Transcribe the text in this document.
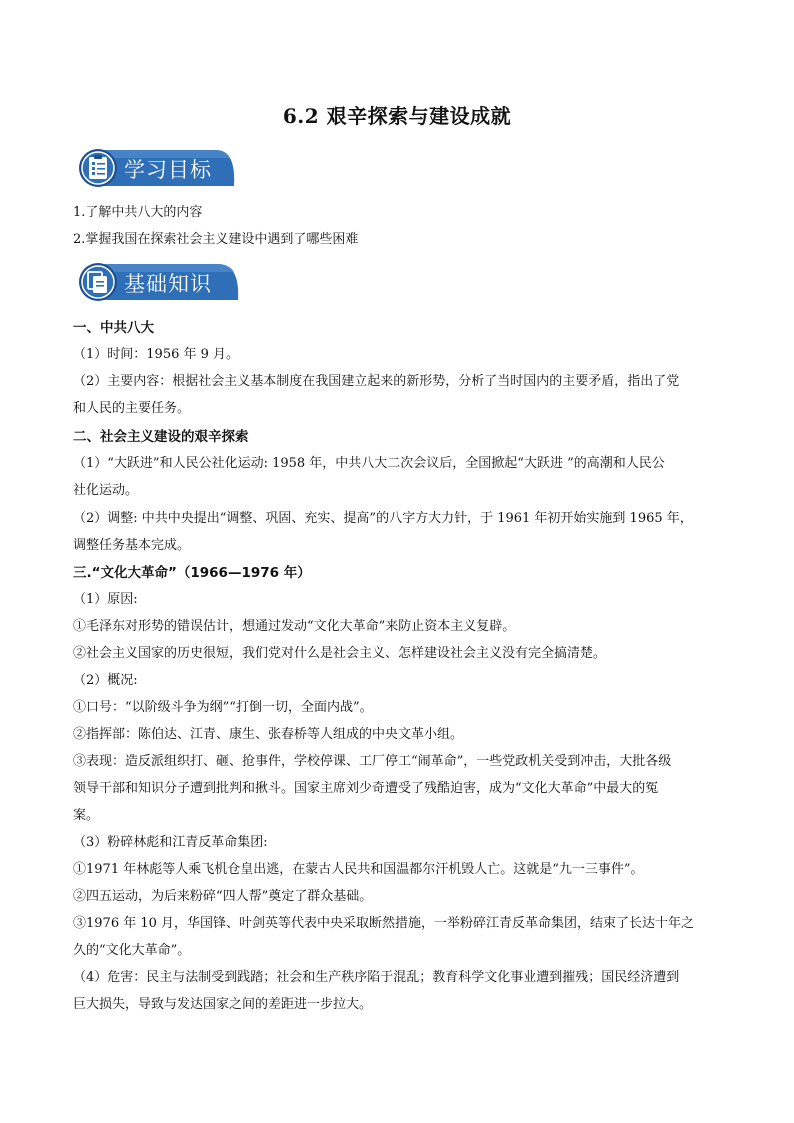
6.2 艰辛探索与建设成就
学习目标
1.了解中共八大的内容
2.掌握我国在探索社会主义建设中遇到了哪些困难
基础知识
一、中共八大
（1）时间：1956 年 9 月。
（2）主要内容：根据社会主义基本制度在我国建立起来的新形势，分析了当时国内的主要矛盾，指出了党
和人民的主要任务。
二、社会主义建设的艰辛探索
（1）“大跃进”和人民公社化运动: 1958 年，中共八大二次会议后，全国掀起“大跃进 ”的高潮和人民公
社化运动。
（2）调整: 中共中央提出“调整、巩固、充实、提高”的八字方大力针，于 1961 年初开始实施到 1965 年，
调整任务基本完成。
三.“文化大革命”（1966—1976 年）
（1）原因:
①毛泽东对形势的错误估计，想通过发动“文化大革命”来防止资本主义复辟。
②社会主义国家的历史很短，我们党对什么是社会主义、怎样建设社会主义没有完全搞清楚。
（2）概况:
①口号：“以阶级斗争为纲”“打倒一切，全面内战”。
②指挥部：陈伯达、江青、康生、张春桥等人组成的中央文革小组。
③表现：造反派组织打、砸、抢事件，学校停课、工厂停工“闹革命”，一些党政机关受到冲击，大批各级
领导干部和知识分子遭到批判和揪斗。国家主席刘少奇遭受了残酷迫害，成为“文化大革命”中最大的冤
案。
（3）粉碎林彪和江青反革命集团:
①1971 年林彪等人乘飞机仓皇出逃，在蒙古人民共和国温都尔汗机毁人亡。这就是“九一三事件”。
②四五运动，为后来粉碎“四人帮”奠定了群众基础。
③1976 年 10 月，华国锋、叶剑英等代表中央采取断然措施，一举粉碎江青反革命集团，结束了长达十年之
久的“文化大革命”。
（4）危害：民主与法制受到践踏；社会和生产秩序陷于混乱；教育科学文化事业遭到摧残；国民经济遭到
巨大损失，导致与发达国家之间的差距进一步拉大。
